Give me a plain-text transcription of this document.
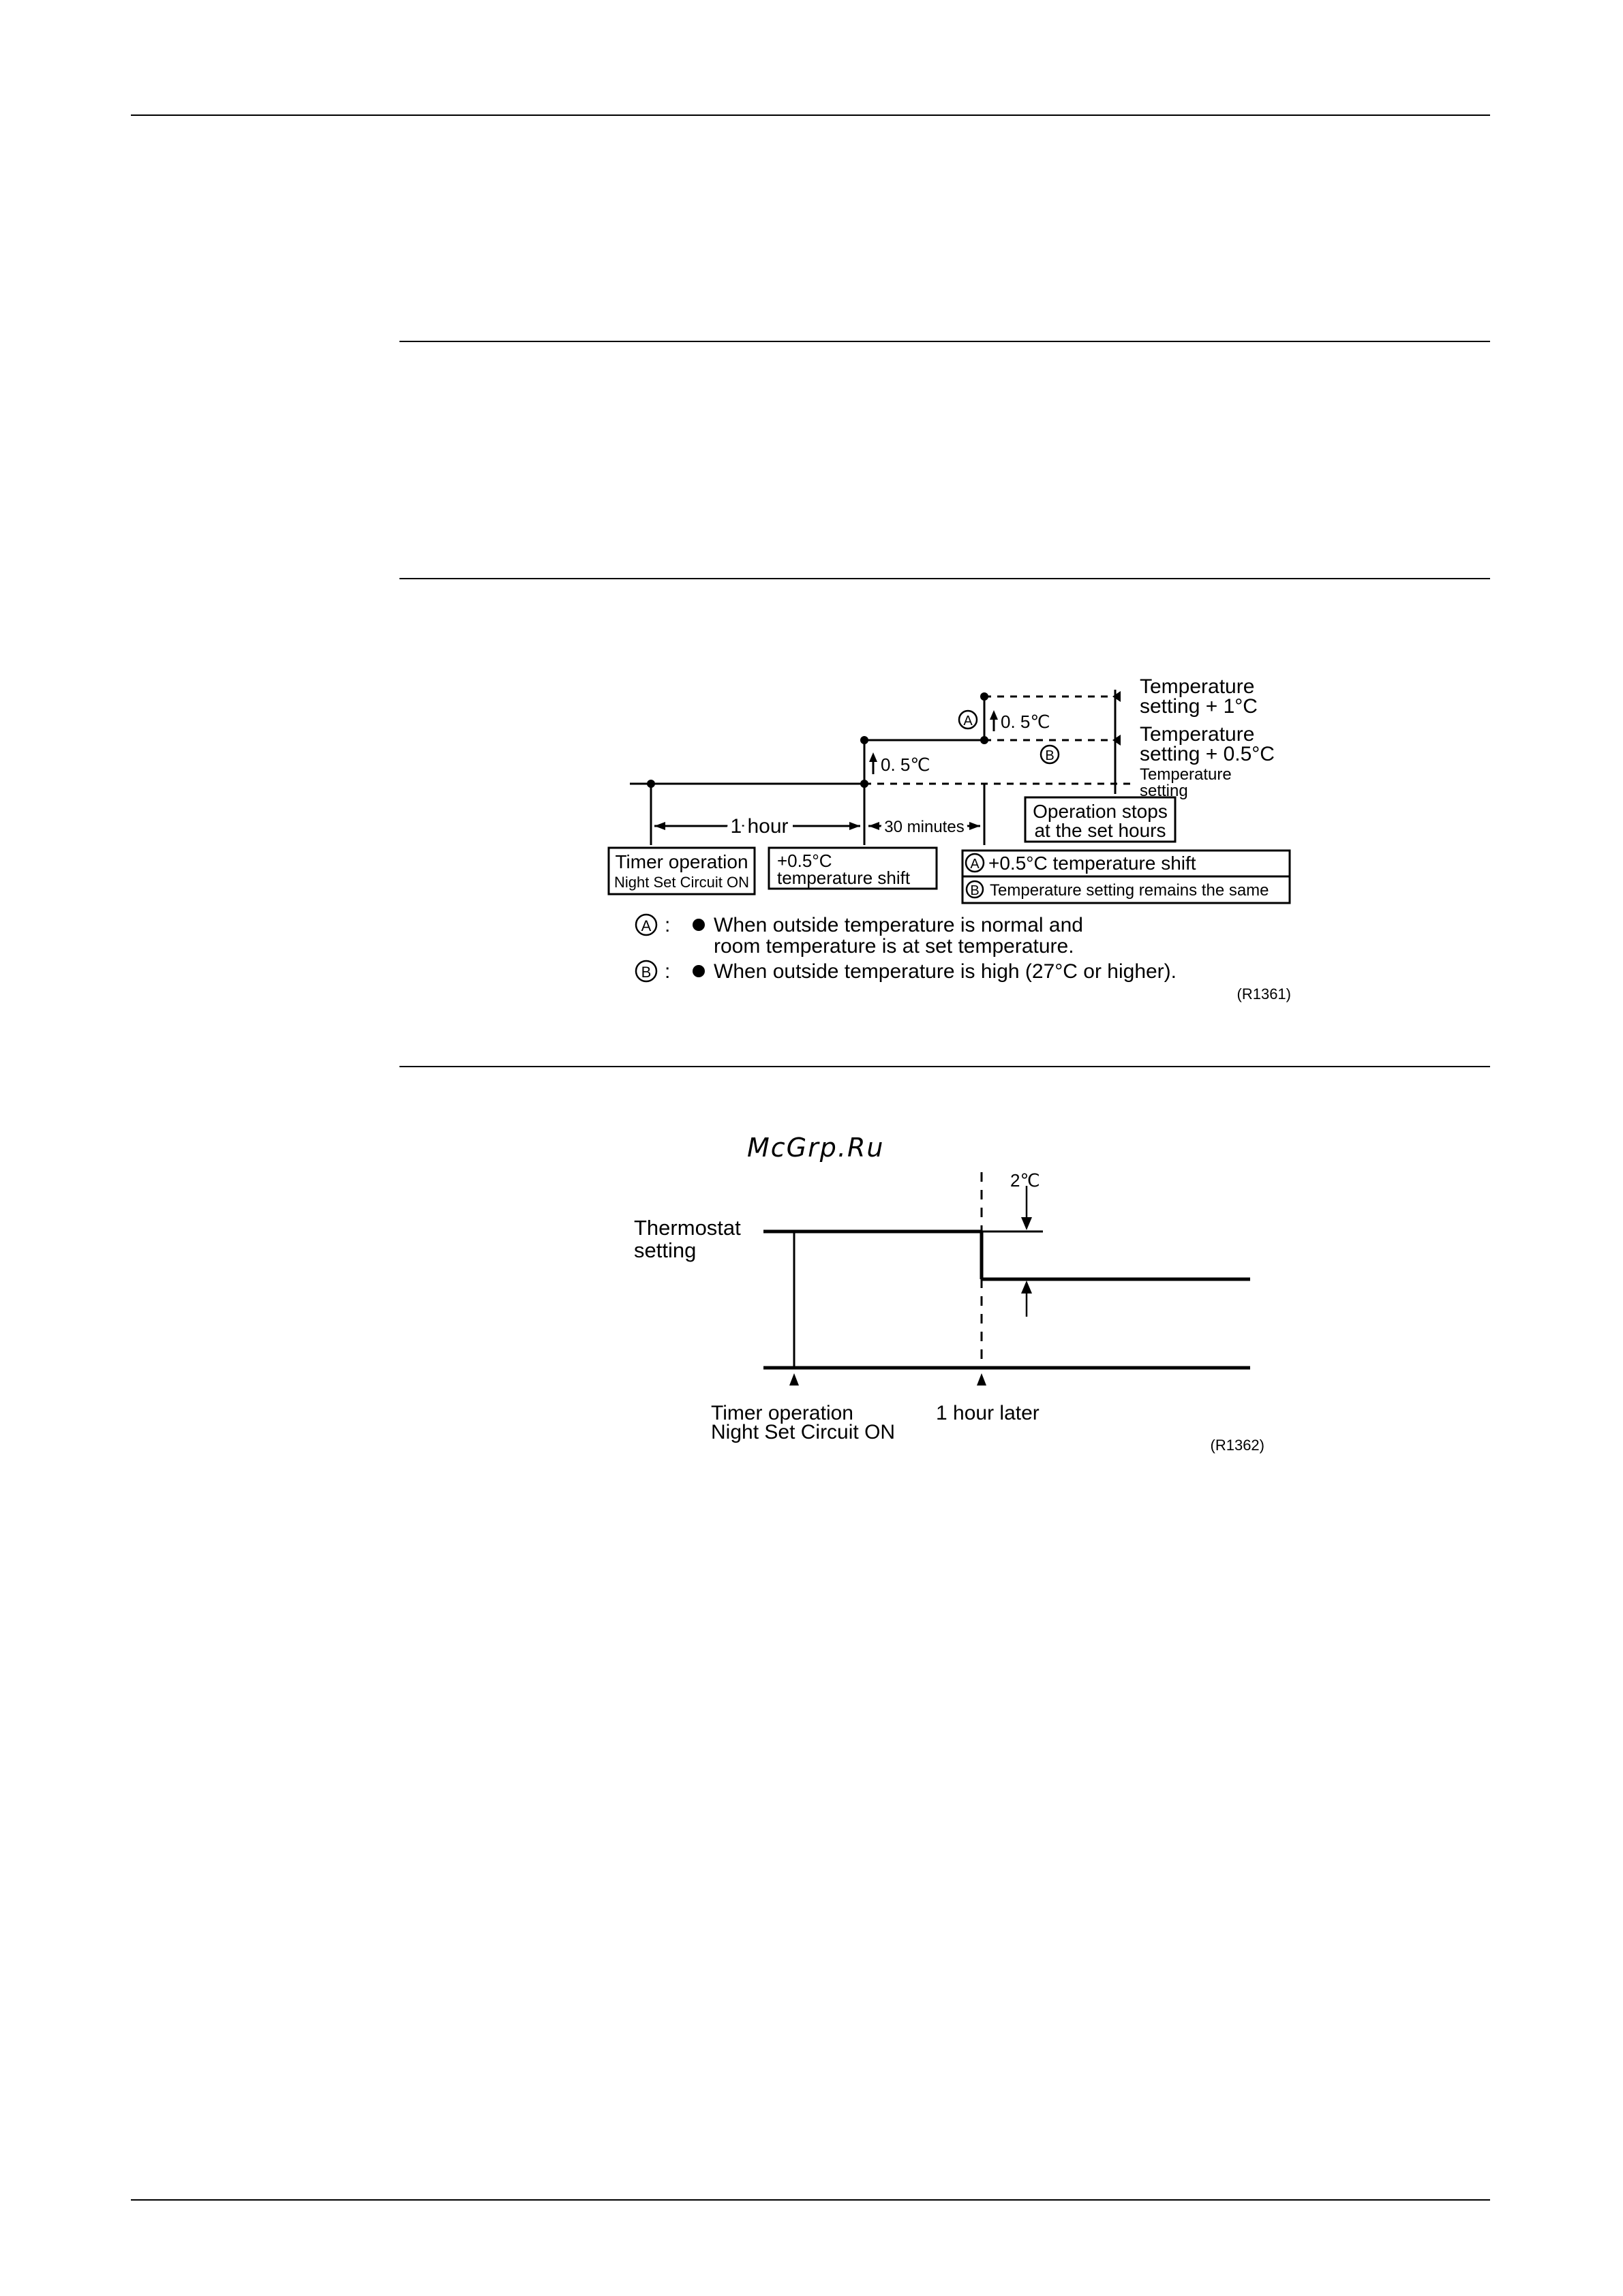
Temperature
setting + 1°C
Temperature
setting + 0.5°C
Temperature
setting
0. 5℃
0. 5℃
A
B
1 hour	30 minutes
Operation stops
at the set hours
Timer operation
Night Set Circuit ON
+0.5°C
temperature shift
A +0.5°C temperature shift
B Temperature setting remains the same
A : When outside temperature is normal and
room temperature is at set temperature.
B : When outside temperature is high (27°C or higher).
(R1361)
McGrp.Ru
2℃
Thermostat
setting
Timer operation
Night Set Circuit ON
1 hour later
(R1362)
